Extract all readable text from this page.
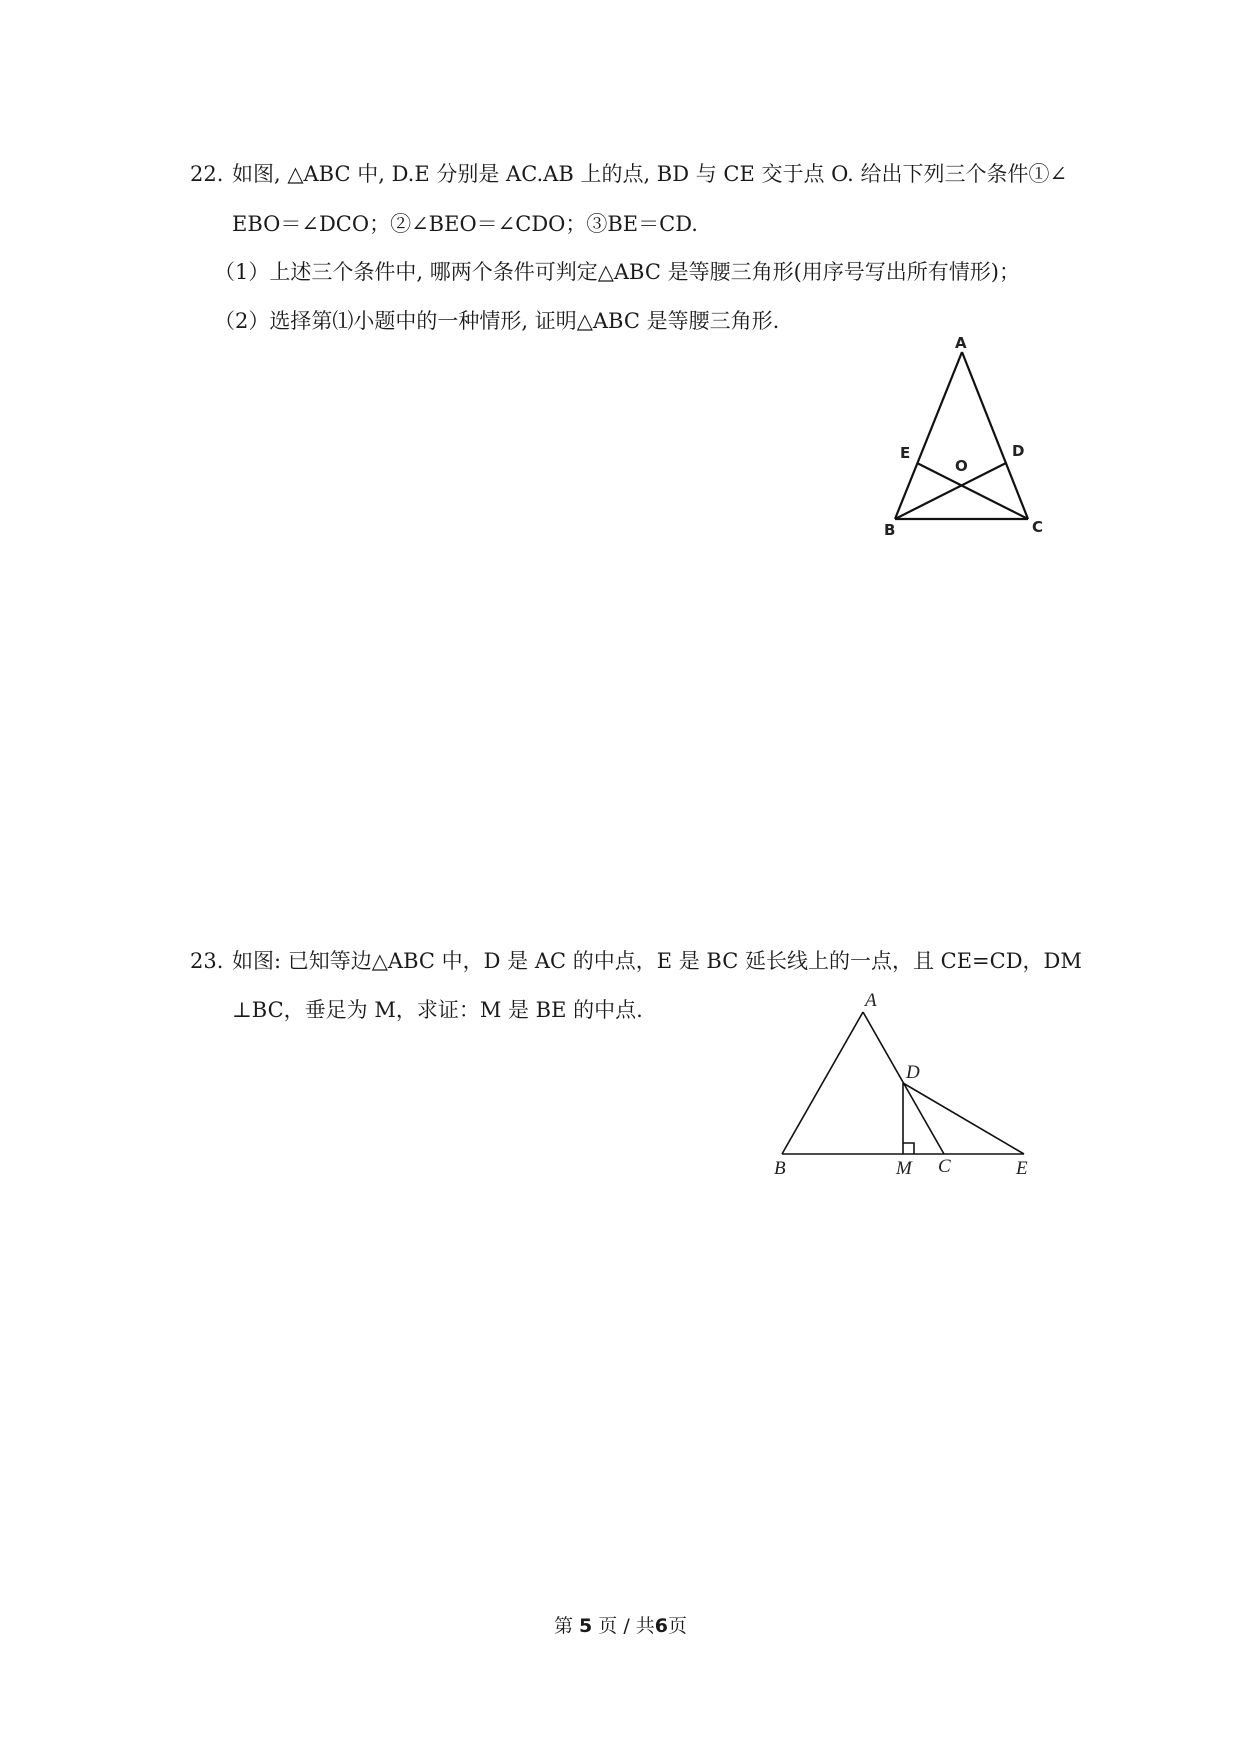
22. 如图, △ABC 中, D.E 分别是 AC.AB 上的点, BD 与 CE 交于点 O. 给出下列三个条件①∠
EBO＝∠DCO；②∠BEO＝∠CDO；③BE＝CD.
（1）上述三个条件中, 哪两个条件可判定△ABC 是等腰三角形(用序号写出所有情形)；
（2）选择第⑴小题中的一种情形, 证明△ABC 是等腰三角形.
A
E
O
D
B	C
23. 如图: 已知等边△ABC 中，D 是 AC 的中点，E 是 BC 延长线上的一点，且 CE=CD，DM
⊥BC，垂足为 M，求证：M 是 BE 的中点.	A
D
B	M C	E
第 5 页 / 共6页
